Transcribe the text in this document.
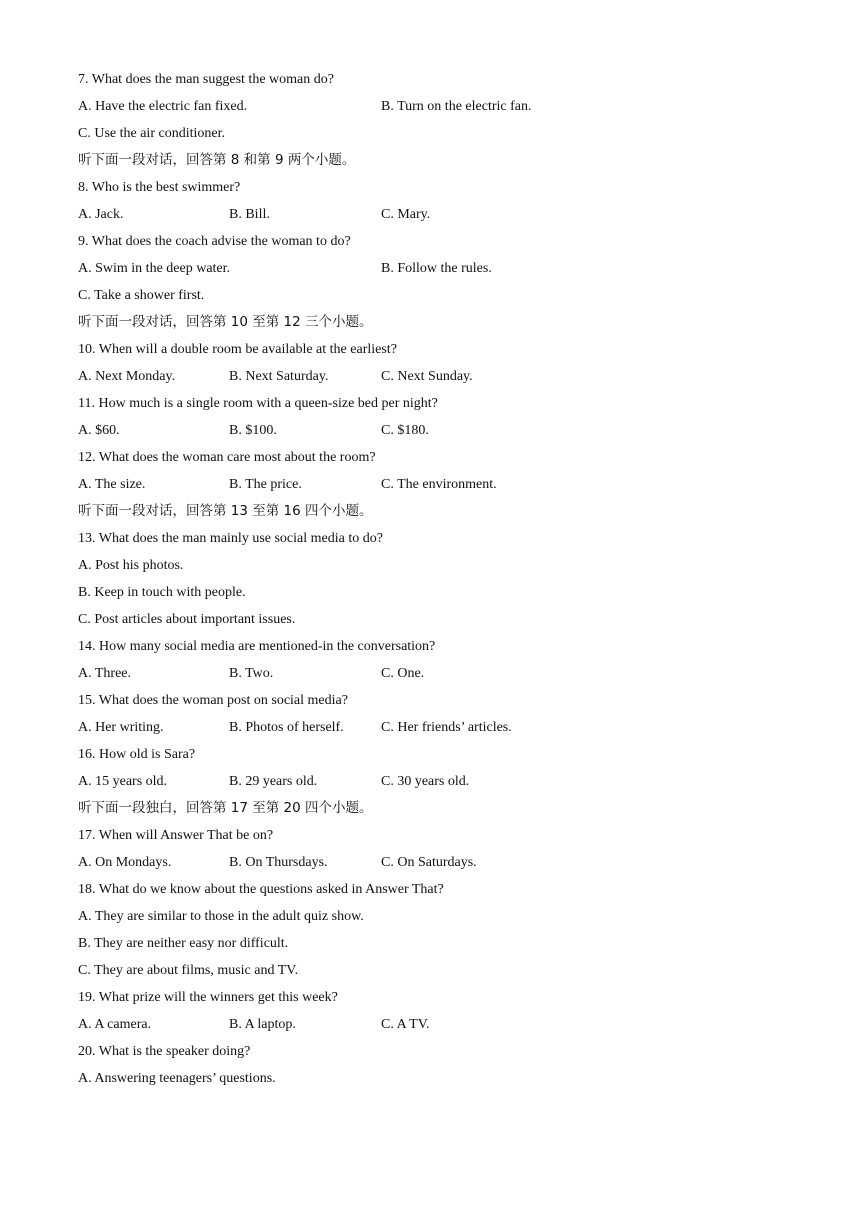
7. What does the man suggest the woman do?
A. Have the electric fan fixed.	B. Turn on the electric fan.
C. Use the air conditioner.
听下面一段对话，回答第 8 和第 9 两个小题。
8. Who is the best swimmer?
A. Jack.	B. Bill.	C. Mary.
9. What does the coach advise the woman to do?
A. Swim in the deep water.	B. Follow the rules.
C. Take a shower first.
听下面一段对话，回答第 10 至第 12 三个小题。
10. When will a double room be available at the earliest?
A. Next Monday.	B. Next Saturday.	C. Next Sunday.
11. How much is a single room with a queen-size bed per night?
A. $60.	B. $100.	C. $180.
12. What does the woman care most about the room?
A. The size.	B. The price.	C. The environment.
听下面一段对话，回答第 13 至第 16 四个小题。
13. What does the man mainly use social media to do?
A. Post his photos.
B. Keep in touch with people.
C. Post articles about important issues.
14. How many social media are mentioned-in the conversation?
A. Three.	B. Two.	C. One.
15. What does the woman post on social media?
A. Her writing.	B. Photos of herself.	C. Her friends’ articles.
16. How old is Sara?
A. 15 years old.	B. 29 years old.	C. 30 years old.
听下面一段独白，回答第 17 至第 20 四个小题。
17. When will Answer That be on?
A. On Mondays.	B. On Thursdays.	C. On Saturdays.
18. What do we know about the questions asked in Answer That?
A. They are similar to those in the adult quiz show.
B. They are neither easy nor difficult.
C. They are about films, music and TV.
19. What prize will the winners get this week?
A. A camera.	B. A laptop.	C. A TV.
20. What is the speaker doing?
A. Answering teenagers’ questions.
